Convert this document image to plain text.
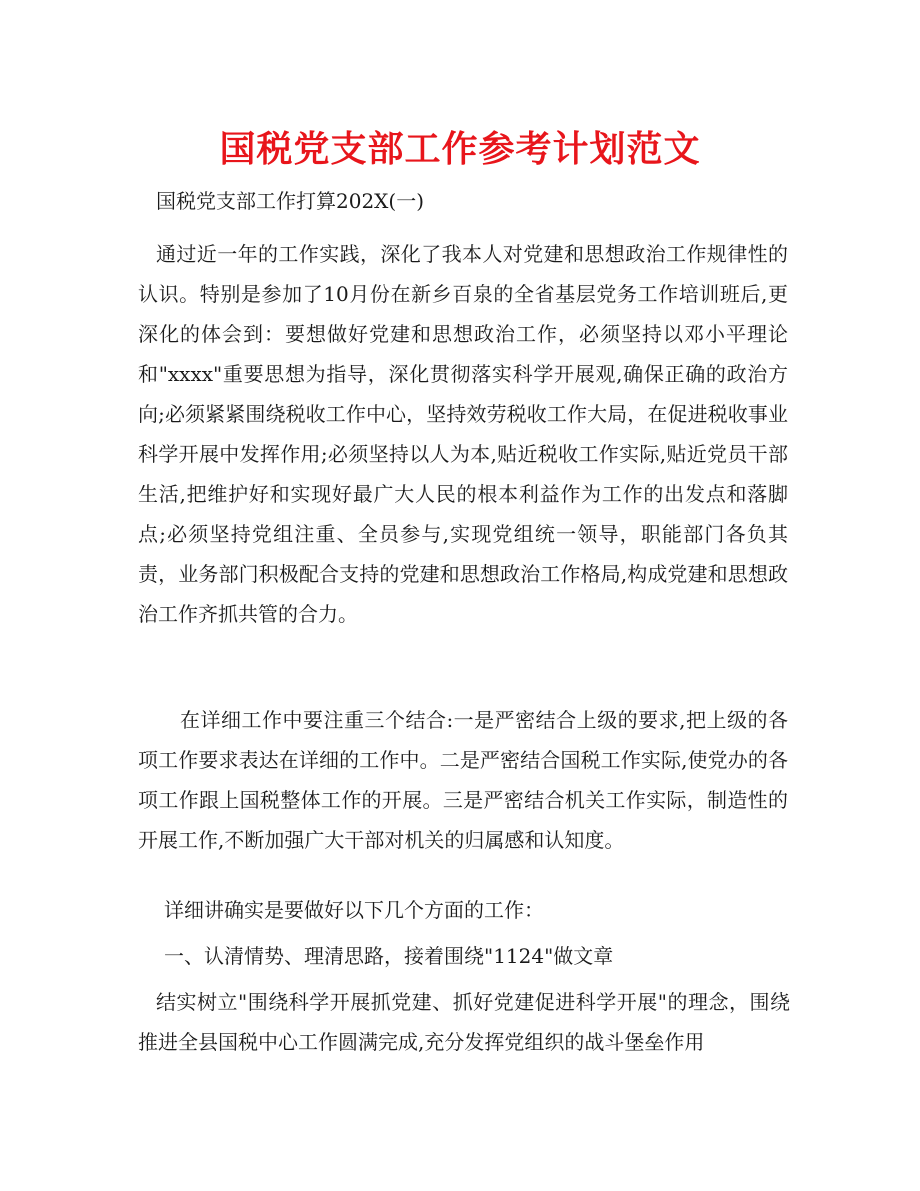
国税党支部工作参考计划范文

国税党支部工作打算202X(一)

通过近一年的工作实践，深化了我本人对党建和思想政治工作规律性的认识。特别是参加了10月份在新乡百泉的全省基层党务工作培训班后,更深化的体会到：要想做好党建和思想政治工作，必须坚持以邓小平理论和"xxxx"重要思想为指导，深化贯彻落实科学开展观,确保正确的政治方向;必须紧紧围绕税收工作中心，坚持效劳税收工作大局，在促进税收事业科学开展中发挥作用;必须坚持以人为本,贴近税收工作实际,贴近党员干部生活,把维护好和实现好最广大人民的根本利益作为工作的出发点和落脚点;必须坚持党组注重、全员参与,实现党组统一领导，职能部门各负其责，业务部门积极配合支持的党建和思想政治工作格局,构成党建和思想政治工作齐抓共管的合力。

在详细工作中要注重三个结合:一是严密结合上级的要求,把上级的各项工作要求表达在详细的工作中。二是严密结合国税工作实际,使党办的各项工作跟上国税整体工作的开展。三是严密结合机关工作实际，制造性的开展工作,不断加强广大干部对机关的归属感和认知度。

详细讲确实是要做好以下几个方面的工作：

一、认清情势、理清思路，接着围绕"1124"做文章

结实树立"围绕科学开展抓党建、抓好党建促进科学开展"的理念，围绕推进全县国税中心工作圆满完成,充分发挥党组织的战斗堡垒作用
